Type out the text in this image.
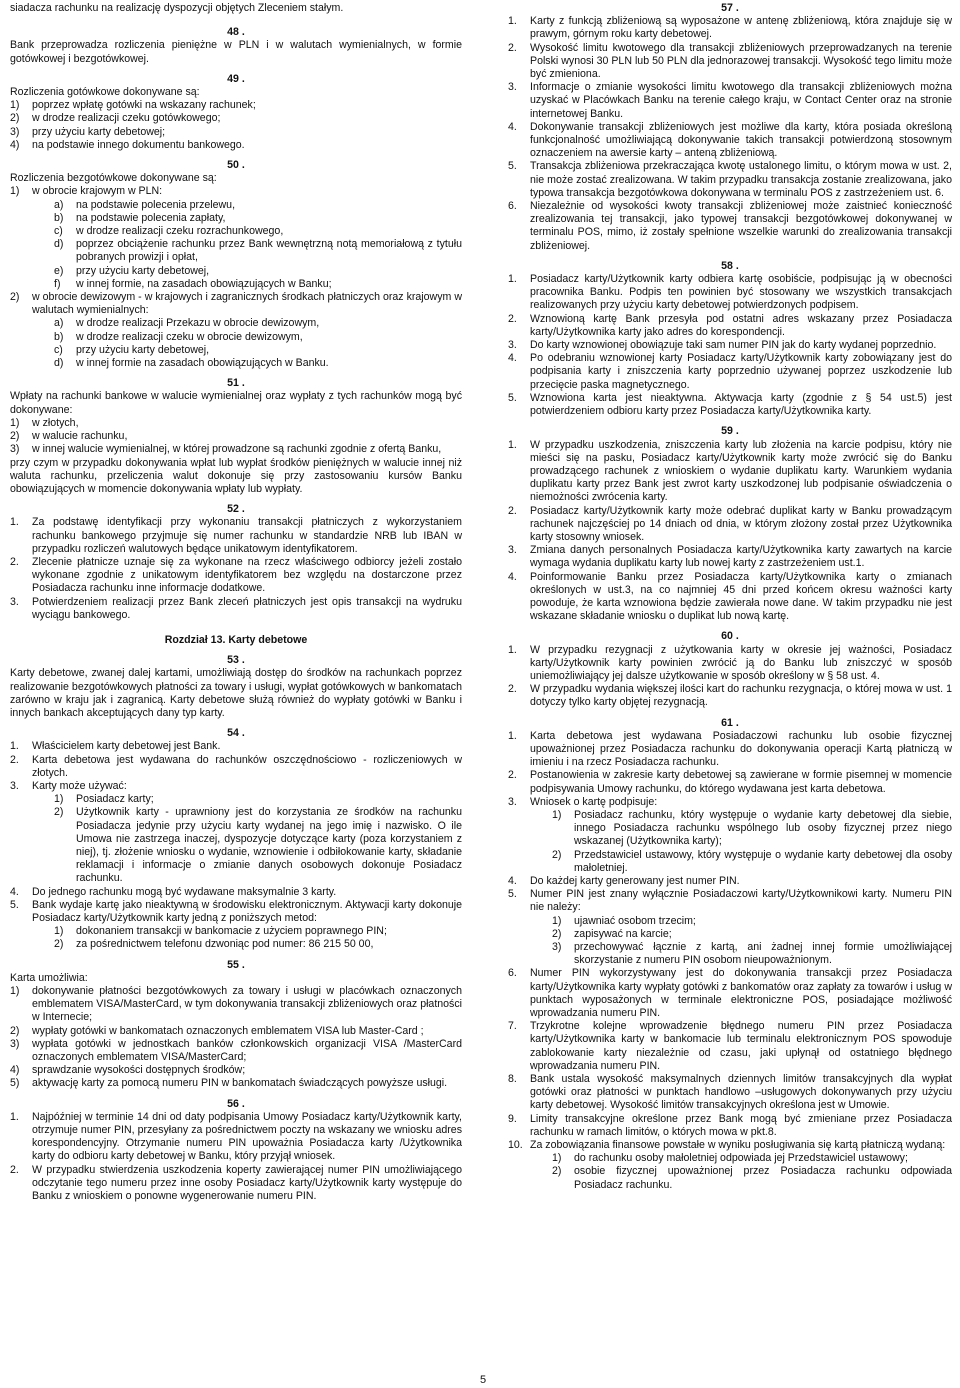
siadacza rachunku na realizację dyspozycji objętych Zleceniem stałym.

48 .

Bank przeprowadza rozliczenia pieniężne w PLN i w walutach wymienialnych, w formie gotówkowej i bezgotówkowej.

49 .

Rozliczenia gotówkowe dokonywane są:

1) poprzez wpłatę gotówki na wskazany rachunek;
2) w drodze realizacji czeku gotówkowego;
3) przy użyciu karty debetowej;
4) na podstawie innego dokumentu bankowego.

50 .

Rozliczenia bezgotówkowe dokonywane są:

1) w obrocie krajowym w PLN:
a) na podstawie polecenia przelewu,
b) na podstawie polecenia zapłaty,
c) w drodze realizacji czeku rozrachunkowego,
d) poprzez obciążenie rachunku przez Bank wewnętrzną notą memoriałową z tytułu pobranych prowizji i opłat,
e) przy użyciu karty debetowej,
f) w innej formie, na zasadach obowiązujących w Banku;
2) w obrocie dewizowym - w krajowych i zagranicznych środkach płatniczych oraz krajowym w walutach wymienialnych:
a) w drodze realizacji Przekazu w obrocie dewizowym,
b) w drodze realizacji czeku w obrocie dewizowym,
c) przy użyciu karty debetowej,
d) w innej formie na zasadach obowiązujących w Banku.

51 .

Wpłaty na rachunki bankowe w walucie wymienialnej oraz wypłaty z tych rachunków mogą być dokonywane:

1) w złotych,
2) w walucie rachunku,
3) w innej walucie wymienialnej, w której prowadzone są rachunki zgodnie z ofertą Banku,

przy czym w przypadku dokonywania wpłat lub wypłat środków pieniężnych w walucie innej niż waluta rachunku, przeliczenia walut dokonuje się przy zastosowaniu kursów Banku obowiązujących w momencie dokonywania wpłaty lub wypłaty.

52 .

1. Za podstawę identyfikacji przy wykonaniu transakcji płatniczych z wykorzystaniem rachunku bankowego przyjmuje się numer rachunku w standardzie NRB lub IBAN w przypadku rozliczeń walutowych będące unikatowym identyfikatorem.
2. Zlecenie płatnicze uznaje się za wykonane na rzecz właściwego odbiorcy jeżeli zostało wykonane zgodnie z unikatowym identyfikatorem bez względu na dostarczone przez Posiadacza rachunku inne informacje dodatkowe.
3. Potwierdzeniem realizacji przez Bank zleceń płatniczych jest opis transakcji na wydruku wyciągu bankowego.

Rozdział 13. Karty debetowe

53 .

Karty debetowe, zwanej dalej kartami, umożliwiają dostęp do środków na rachunkach poprzez realizowanie bezgotówkowych płatności za towary i usługi, wypłat gotówkowych w bankomatach zarówno w kraju jak i zagranicą. Karty debetowe służą również do wypłaty gotówki w Banku i innych bankach akceptujących dany typ karty.

54 .

1. Właścicielem karty debetowej jest Bank.
2. Karta debetowa jest wydawana do rachunków oszczędnościowo - rozliczeniowych w złotych.
3. Karty może używać:
1) Posiadacz karty;
2) Użytkownik karty - uprawniony jest do korzystania ze środków na rachunku Posiadacza jedynie przy użyciu karty wydanej na jego imię i nazwisko. O ile Umowa nie zastrzega inaczej, dyspozycje dotyczące karty (poza korzystaniem z niej), tj. złożenie wniosku o wydanie, wznowienie i odbiłokowanie karty, składanie reklamacji i informacje o zmianie danych osobowych dokonuje Posiadacz rachunku.
4. Do jednego rachunku mogą być wydawane maksymalnie 3 karty.
5. Bank wydaje kartę jako nieaktywną w środowisku elektronicznym. Aktywacji karty dokonuje Posiadacz karty/Użytkownik karty jedną z poniższych metod:
1) dokonaniem transakcji w bankomacie z użyciem poprawnego PIN;
2) za pośrednictwem telefonu dzwoniąc pod numer: 86 215 50 00,

55 .

Karta umożliwia:

1) dokonywanie płatności bezgotówkowych za towary i usługi w placówkach oznaczonych emblematem VISA/MasterCard, w tym dokonywania transakcji zbliżeniowych oraz płatności w Internecie;
2) wypłaty gotówki w bankomatach oznaczonych emblematem VISA lub Master-Card ;
3) wypłata gotówki w jednostkach banków członkowskich organizacji VISA /MasterCard oznaczonych emblematem VISA/MasterCard;
4) sprawdzanie wysokości dostępnych środków;
5) aktywację karty za pomocą numeru PIN w bankomatach świadczących powyższe usługi.

56 .

1. Najpóźniej w terminie 14 dni od daty podpisania Umowy Posiadacz karty/Użytkownik karty, otrzymuje numer PIN, przesyłany za pośrednictwem poczty na wskazany we wniosku adres korespondencyjny. Otrzymanie numeru PIN upoważnia Posiadacza karty /Użytkownika karty do odbioru karty debetowej w Banku, który przyjął wniosek.
2. W przypadku stwierdzenia uszkodzenia koperty zawierającej numer PIN umożliwiającego odczytanie tego numeru przez inne osoby Posiadacz karty/Użytkownik karty występuje do Banku z wnioskiem o ponowne wygenerowanie numeru PIN.

57 .

1. Karty z funkcją zbliżeniową są wyposażone w antenę zbliżeniową, która znajduje się w prawym, górnym roku karty debetowej.
2. Wysokość limitu kwotowego dla transakcji zbliżeniowych przeprowadzanych na terenie Polski wynosi 30 PLN lub 50 PLN dla jednorazowej transakcji. Wysokość tego limitu może być zmieniona.
3. Informacje o zmianie wysokości limitu kwotowego dla transakcji zbliżeniowych można uzyskać w Placówkach Banku na terenie całego kraju, w Contact Center oraz na stronie internetowej Banku.
4. Dokonywanie transakcji zbliżeniowych jest możliwe dla karty, która posiada określoną funkcjonalność umożliwiającą dokonywanie takich transakcji potwierdzoną stosownym oznaczeniem na awersie karty – anteną zbliżeniową.
5. Transakcja zbliżeniowa przekraczająca kwotę ustalonego limitu, o którym mowa w ust. 2, nie może zostać zrealizowana. W takim przypadku transakcja zostanie zrealizowana, jako typowa transakcja bezgotówkowa dokonywana w terminalu POS z zastrzeżeniem ust. 6.
6. Niezależnie od wysokości kwoty transakcji zbliżeniowej może zaistnieć konieczność zrealizowania tej transakcji, jako typowej transakcji bezgotówkowej dokonywanej w terminalu POS, mimo, iż zostały spełnione wszelkie warunki do zrealizowania transakcji zbliżeniowej.

58 .

1. Posiadacz karty/Użytkownik karty odbiera kartę osobiście, podpisując ją w obecności pracownika Banku. Podpis ten powinien być stosowany we wszystkich transakcjach realizowanych przy użyciu karty debetowej potwierdzonych podpisem.
2. Wznowioną kartę Bank przesyła pod ostatni adres wskazany przez Posiadacza karty/Użytkownika karty jako adres do korespondencji.
3. Do karty wznowionej obowiązuje taki sam numer PIN jak do karty wydanej poprzednio.
4. Po odebraniu wznowionej karty Posiadacz karty/Użytkownik karty zobowiązany jest do podpisania karty i zniszczenia karty poprzednio używanej poprzez uszkodzenie lub przecięcie paska magnetycznego.
5. Wznowiona karta jest nieaktywna. Aktywacja karty (zgodnie z § 54 ust.5) jest potwierdzeniem odbioru karty przez Posiadacza karty/Użytkownika karty.

59 .

1. W przypadku uszkodzenia, zniszczenia karty lub złożenia na karcie podpisu, który nie mieści się na pasku, Posiadacz karty/Użytkownik karty może zwrócić się do Banku prowadzącego rachunek z wnioskiem o wydanie duplikatu karty. Warunkiem wydania duplikatu karty przez Bank jest zwrot karty uszkodzonej lub podpisanie oświadczenia o niemożności zwrócenia karty.
2. Posiadacz karty/Użytkownik karty może odebrać duplikat karty w Banku prowadzącym rachunek najczęściej po 14 dniach od dnia, w którym złożony został przez Użytkownika karty stosowny wniosek.
3. Zmiana danych personalnych Posiadacza karty/Użytkownika karty zawartych na karcie wymaga wydania duplikatu karty lub nowej karty z zastrzeżeniem ust.1.
4. Poinformowanie Banku przez Posiadacza karty/Użytkownika karty o zmianach określonych w ust.3, na co najmniej 45 dni przed końcem okresu ważności karty powoduje, że karta wznowiona będzie zawierała nowe dane. W takim przypadku nie jest wskazane składanie wniosku o duplikat lub nową kartę.

60 .

1. W przypadku rezygnacji z użytkowania karty w okresie jej ważności, Posiadacz karty/Użytkownik karty powinien zwrócić ją do Banku lub zniszczyć w sposób uniemożliwiający jej dalsze użytkowanie w sposób określony w § 58 ust. 4.
2. W przypadku wydania większej ilości kart do rachunku rezygnacja, o której mowa w ust. 1 dotyczy tylko karty objętej rezygnacją.

61 .

1. Karta debetowa jest wydawana Posiadaczowi rachunku lub osobie fizycznej upoważnionej przez Posiadacza rachunku do dokonywania operacji Kartą płatniczą w imieniu i na rzecz Posiadacza rachunku.
2. Postanowienia w zakresie karty debetowej są zawierane w formie pisemnej w momencie podpisywania Umowy rachunku, do którego wydawana jest karta debetowa.
3. Wniosek o kartę podpisuje:
1) Posiadacz rachunku, który występuje o wydanie karty debetowej dla siebie, innego Posiadacza rachunku wspólnego lub osoby fizycznej przez niego wskazanej (Użytkownika karty);
2) Przedstawiciel ustawowy, który występuje o wydanie karty debetowej dla osoby małoletniej.
4. Do każdej karty generowany jest numer PIN.
5. Numer PIN jest znany wyłącznie Posiadaczowi karty/Użytkownikowi karty. Numeru PIN nie należy:
1) ujawniać osobom trzecim;
2) zapisywać na karcie;
3) przechowywać łącznie z kartą, ani żadnej innej formie umożliwiającej skorzystanie z numeru PIN osobom nieupoważnionym.
6. Numer PIN wykorzystywany jest do dokonywania transakcji przez Posiadacza karty/Użytkownika karty wypłaty gotówki z bankomatów oraz zapłaty za towarów i usług w punktach wyposażonych w terminale elektroniczne POS, posiadające możliwość wprowadzania numeru PIN.
7. Trzykrotne kolejne wprowadzenie błędnego numeru PIN przez Posiadacza karty/Użytkownika karty w bankomacie lub terminalu elektronicznym POS spowoduje zablokowanie karty niezależnie od czasu, jaki upłynął od ostatniego błędnego wprowadzania numeru PIN.
8. Bank ustala wysokość maksymalnych dziennych limitów transakcyjnych dla wypłat gotówki oraz płatności w punktach handlowo –usługowych dokonywanych przy użyciu karty debetowej. Wysokość limitów transakcyjnych określona jest w Umowie.
9. Limity transakcyjne określone przez Bank mogą być zmieniane przez Posiadacza rachunku w ramach limitów, o których mowa w pkt.8.
10. Za zobowiązania finansowe powstałe w wyniku posługiwania się kartą płatniczą wydaną:
1) do rachunku osoby małoletniej odpowiada jej Przedstawiciel ustawowy;
2) osobie fizycznej upoważnionej przez Posiadacza rachunku odpowiada Posiadacz rachunku.
5
